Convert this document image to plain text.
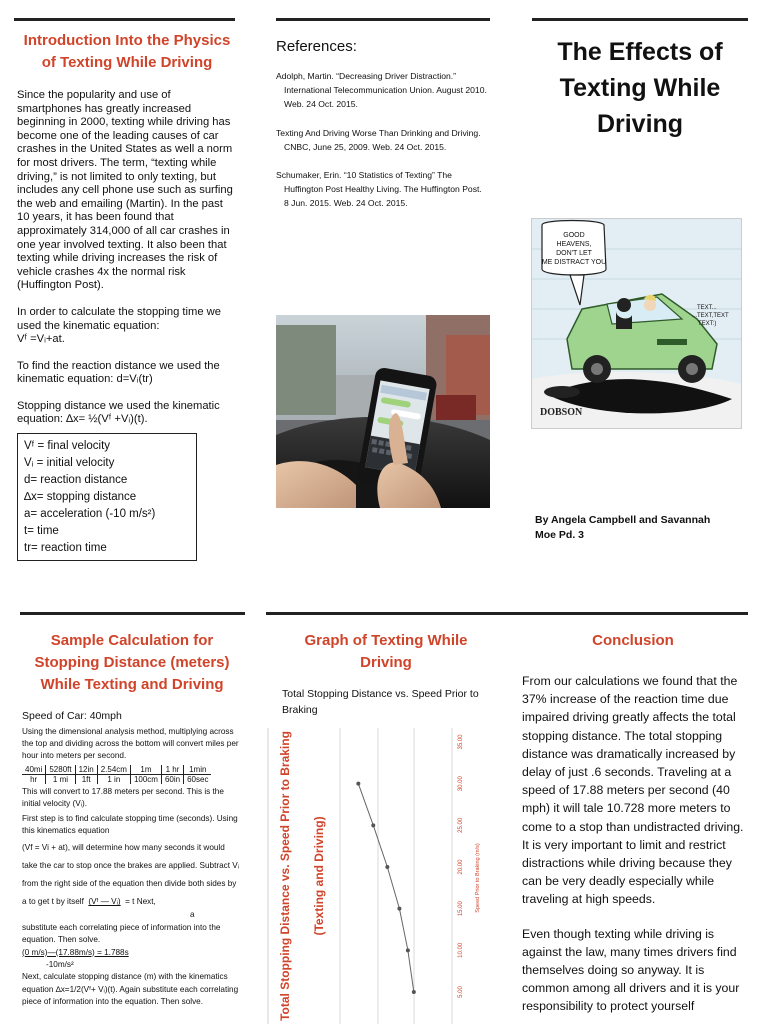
Introduction Into the Physics of Texting While Driving

Since the popularity and use of smartphones has greatly increased beginning in 2000, texting while driving has become one of the leading causes of car crashes in the United States as well a norm for most drivers. The term, “texting while driving,” is not limited to only texting, but includes any cell phone use such as surfing the web and emailing (Martin). In the past 10 years, it has been found that approximately 314,000 of all car crashes in one year involved texting. It also been that texting while driving increases the risk of vehicle crashes 4x the normal risk (Huffington Post).

In order to calculate the stopping time we used the kinematic equation:

Vᶠ =Vᵢ+at.

To find the reaction distance we used the kinematic equation: d=Vᵢ(tr)

Stopping distance we used the kinematic equation: ∆x= ½(Vᶠ +Vᵢ)(t).

Vᶠ = final velocity
Vᵢ = initial velocity
d= reaction distance
∆x= stopping distance
a= acceleration (-10 m/s²)
t= time
tr= reaction time
References:

Adolph, Martin. “Decreasing Driver Distraction.” International Telecommunication Union. August 2010. Web. 24 Oct. 2015.

Texting And Driving Worse Than Drinking and Driving. CNBC, June 25, 2009. Web. 24 Oct. 2015.

Schumaker, Erin. “10 Statistics of Texting” The Huffington Post Healthy Living. The Huffington Post. 8 Jun. 2015. Web. 24 Oct. 2015.

The Effects of Texting While Driving
GOOD
HEAVENS,
DON'T LET
ME DISTRACT YOU
TEXT...
...TEXT,TEXT
TEXT:)
DOBSON
By Angela Campbell and Savannah Moe Pd. 3
Sample Calculation for Stopping Distance (meters) While Texting and Driving

Speed of Car: 40mph

Using the dimensional analysis method, multiplying across the top and dividing across the bottom will convert miles per hour into meters per second.

40mi	5280ft	12in	2.54cm	1m	1 hr	1min
hr	1 mi	1ft	1 in	100cm	60in	60sec

This will convert to 17.88 meters per second. This is the initial velocity (Vᵢ).

First step is to find calculate stopping time (seconds). Using this kinematics equation

(Vf = Vi + at), will determine how many seconds it would take the car to stop once the brakes are applied. Subtract Vᵢ from the right side of the equation then divide both sides by a to get t by itself (Vᶠ — Vᵢ) = t Next,
a

substitute each correlating piece of information into the equation. Then solve.

(0 m/s)—(17.88m/s) = 1.788s
-10m/s²

Next, calculate stopping distance (m) with the kinematics equation ∆x=1/2(Vᶠ+ Vᵢ)(t). Again substitute each correlating piece of information into the equation. Then solve.

Graph of Texting While Driving

Total Stopping Distance vs. Speed Prior to Braking

5.00
10.00
15.00
20.00
25.00
30.00
35.00
Total Stopping Distance vs. Speed Prior to Braking (Texting and Driving)	Speed Prior to Braking (m/s)
Conclusion

From our calculations we found that the 37% increase of the reaction time due impaired driving greatly affects the total stopping distance. The total stopping distance was dramatically increased by delay of just .6 seconds. Traveling at a speed of 17.88 meters per second (40 mph) it will tale 10.728 more meters to come to a stop than undistracted driving. It is very important to limit and restrict distractions while driving because they can be very deadly especially while traveling at high speeds.

Even though texting while driving is against the law, many times drivers find themselves doing so anyway. It is common among all drivers and it is your responsibility to protect yourself
